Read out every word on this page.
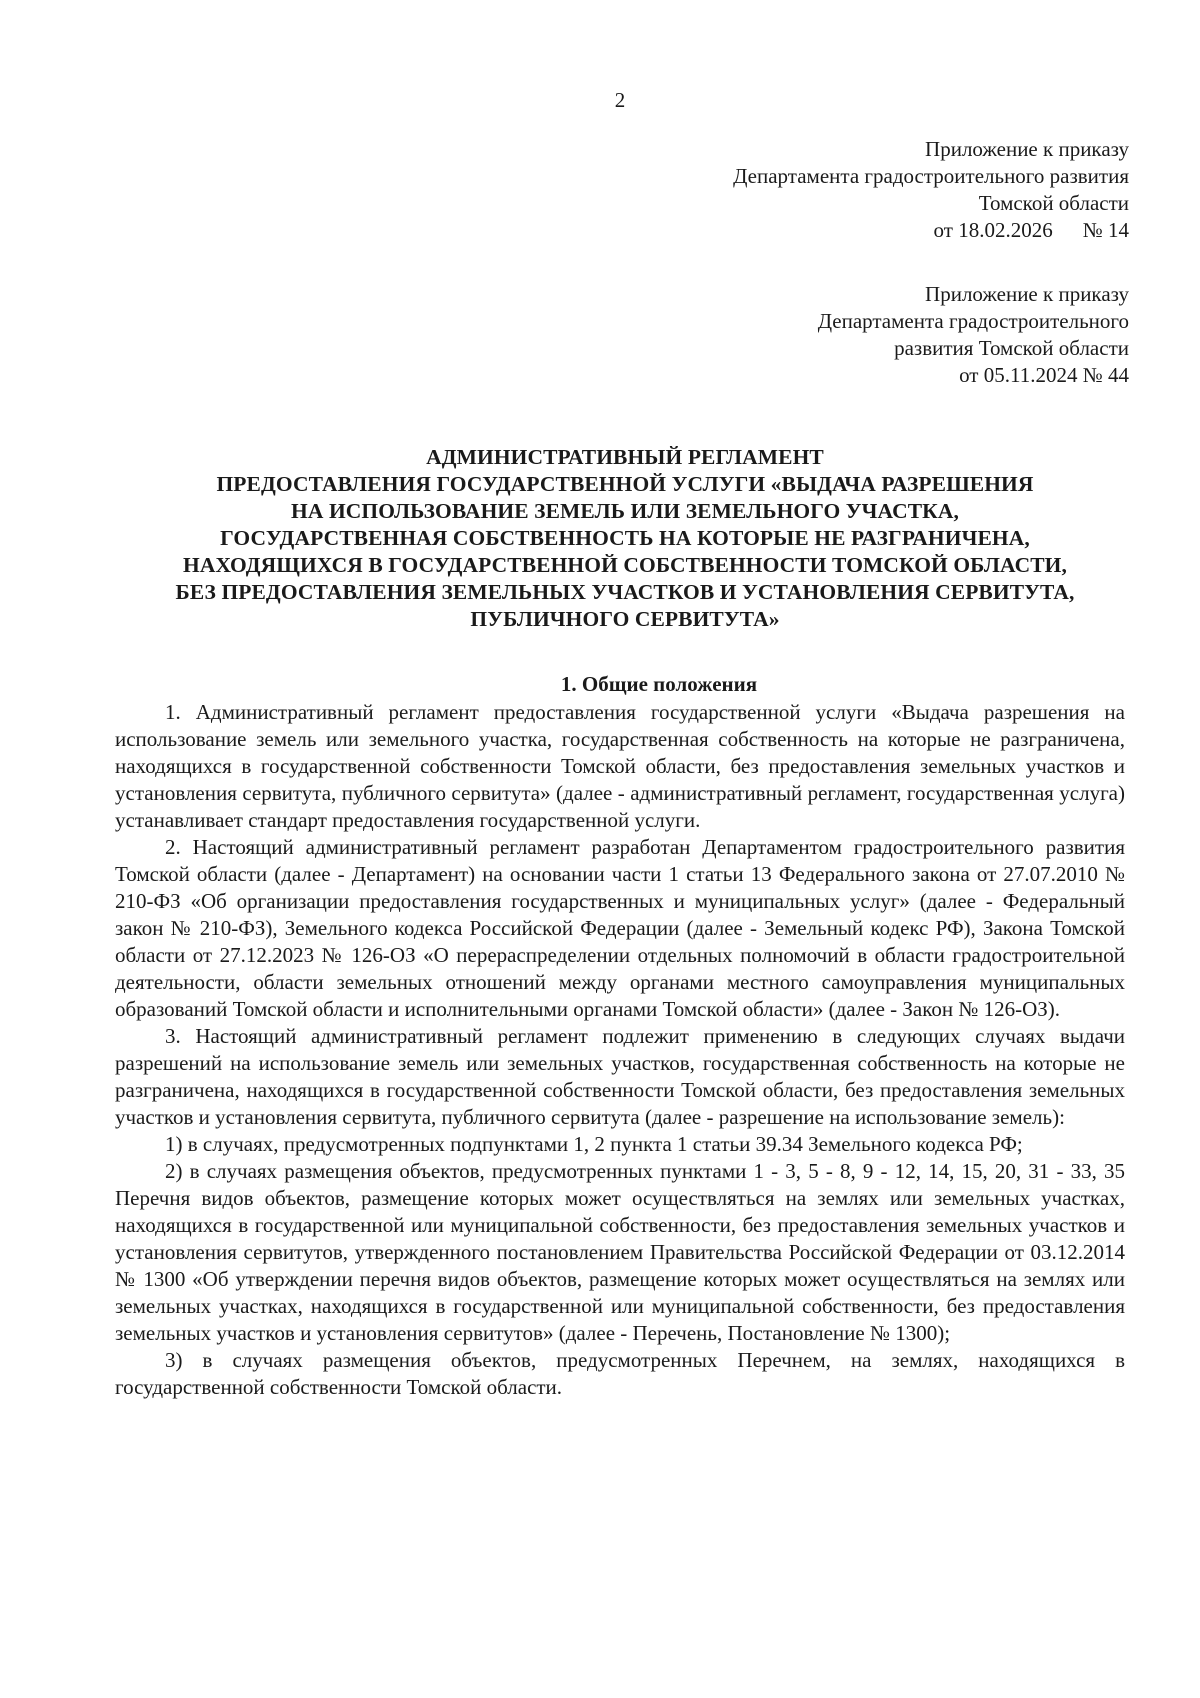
2
Приложение к приказу
Департамента градостроительного развития
Томской области
от 18.02.2026 № 14
Приложение к приказу
Департамента градостроительного
развития Томской области
от 05.11.2024 № 44
АДМИНИСТРАТИВНЫЙ РЕГЛАМЕНТ
ПРЕДОСТАВЛЕНИЯ ГОСУДАРСТВЕННОЙ УСЛУГИ «ВЫДАЧА РАЗРЕШЕНИЯ
НА ИСПОЛЬЗОВАНИЕ ЗЕМЕЛЬ ИЛИ ЗЕМЕЛЬНОГО УЧАСТКА,
ГОСУДАРСТВЕННАЯ СОБСТВЕННОСТЬ НА КОТОРЫЕ НЕ РАЗГРАНИЧЕНА,
НАХОДЯЩИХСЯ В ГОСУДАРСТВЕННОЙ СОБСТВЕННОСТИ ТОМСКОЙ ОБЛАСТИ,
БЕЗ ПРЕДОСТАВЛЕНИЯ ЗЕМЕЛЬНЫХ УЧАСТКОВ И УСТАНОВЛЕНИЯ СЕРВИТУТА,
ПУБЛИЧНОГО СЕРВИТУТА»
1. Общие положения

1. Административный регламент предоставления государственной услуги «Выдача разрешения на использование земель или земельного участка, государственная собственность на которые не разграничена, находящихся в государственной собственности Томской области, без предоставления земельных участков и установления сервитута, публичного сервитута» (далее - административный регламент, государственная услуга) устанавливает стандарт предоставления государственной услуги.

2. Настоящий административный регламент разработан Департаментом градостроительного развития Томской области (далее - Департамент) на основании части 1 статьи 13 Федерального закона от 27.07.2010 № 210-ФЗ «Об организации предоставления государственных и муниципальных услуг» (далее - Федеральный закон № 210-ФЗ), Земельного кодекса Российской Федерации (далее - Земельный кодекс РФ), Закона Томской области от 27.12.2023 № 126-ОЗ «О перераспределении отдельных полномочий в области градостроительной деятельности, области земельных отношений между органами местного самоуправления муниципальных образований Томской области и исполнительными органами Томской области» (далее - Закон № 126-ОЗ).

3. Настоящий административный регламент подлежит применению в следующих случаях выдачи разрешений на использование земель или земельных участков, государственная собственность на которые не разграничена, находящихся в государственной собственности Томской области, без предоставления земельных участков и установления сервитута, публичного сервитута (далее - разрешение на использование земель):

1) в случаях, предусмотренных подпунктами 1, 2 пункта 1 статьи 39.34 Земельного кодекса РФ;

2) в случаях размещения объектов, предусмотренных пунктами 1 - 3, 5 - 8, 9 - 12, 14, 15, 20, 31 - 33, 35 Перечня видов объектов, размещение которых может осуществляться на землях или земельных участках, находящихся в государственной или муниципальной собственности, без предоставления земельных участков и установления сервитутов, утвержденного постановлением Правительства Российской Федерации от 03.12.2014 № 1300 «Об утверждении перечня видов объектов, размещение которых может осуществляться на землях или земельных участках, находящихся в государственной или муниципальной собственности, без предоставления земельных участков и установления сервитутов» (далее - Перечень, Постановление № 1300);

3) в случаях размещения объектов, предусмотренных Перечнем, на землях, находящихся в государственной собственности Томской области.
